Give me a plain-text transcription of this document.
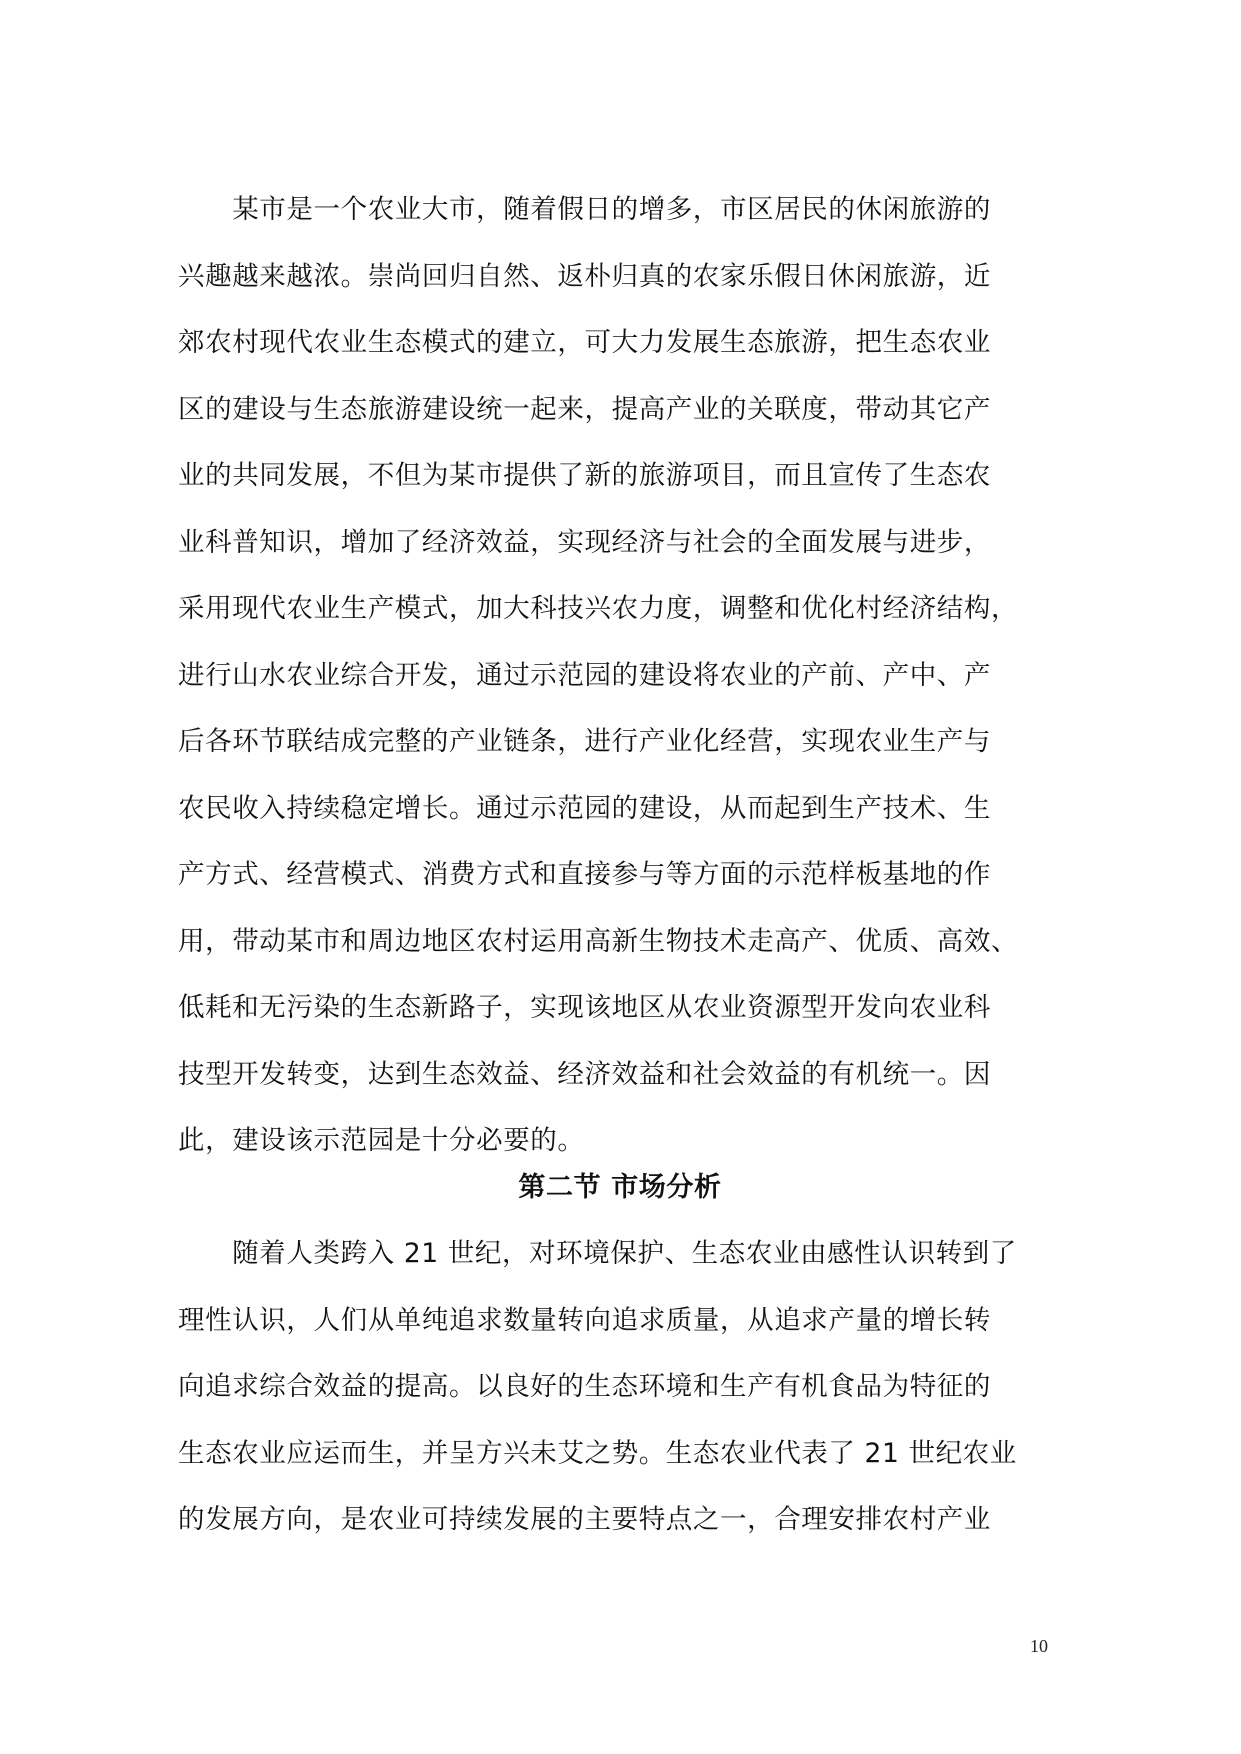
　　某市是一个农业大市，随着假日的增多，市区居民的休闲旅游的
兴趣越来越浓。崇尚回归自然、返朴归真的农家乐假日休闲旅游，近
郊农村现代农业生态模式的建立，可大力发展生态旅游，把生态农业
区的建设与生态旅游建设统一起来，提高产业的关联度，带动其它产
业的共同发展，不但为某市提供了新的旅游项目，而且宣传了生态农
业科普知识，增加了经济效益，实现经济与社会的全面发展与进步，
采用现代农业生产模式，加大科技兴农力度，调整和优化村经济结构，
进行山水农业综合开发，通过示范园的建设将农业的产前、产中、产
后各环节联结成完整的产业链条，进行产业化经营，实现农业生产与
农民收入持续稳定增长。通过示范园的建设，从而起到生产技术、生
产方式、经营模式、消费方式和直接参与等方面的示范样板基地的作
用，带动某市和周边地区农村运用高新生物技术走高产、优质、高效、
低耗和无污染的生态新路子，实现该地区从农业资源型开发向农业科
技型开发转变，达到生态效益、经济效益和社会效益的有机统一。因
此，建设该示范园是十分必要的。
第二节 市场分析
　　随着人类跨入 21 世纪，对环境保护、生态农业由感性认识转到了
理性认识，人们从单纯追求数量转向追求质量，从追求产量的增长转
向追求综合效益的提高。以良好的生态环境和生产有机食品为特征的
生态农业应运而生，并呈方兴未艾之势。生态农业代表了 21 世纪农业
的发展方向，是农业可持续发展的主要特点之一，合理安排农村产业
10
